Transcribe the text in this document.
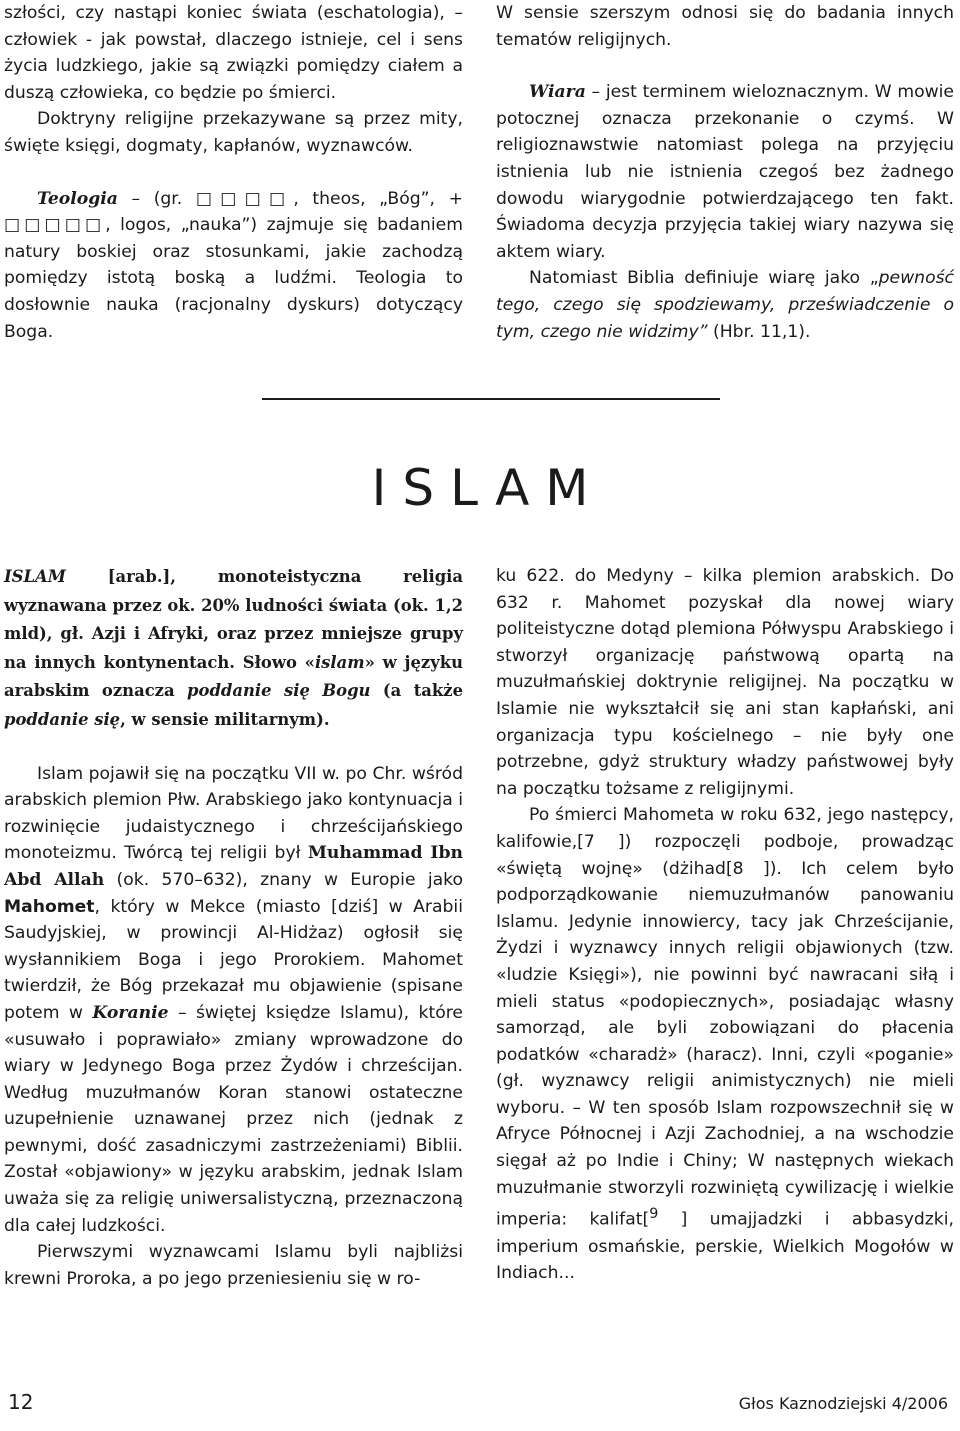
szłości, czy nastąpi koniec świata (eschatologia), – człowiek - jak powstał, dlaczego istnieje, cel i sens życia ludzkiego, jakie są związki pomiędzy ciałem a duszą człowieka, co będzie po śmierci.

Doktryny religijne przekazywane są przez mity, święte księgi, dogmaty, kapłanów, wyznawców.

Teologia – (gr. □□□□, theos, „Bóg”, + □□□□□, logos, „nauka”) zajmuje się badaniem natury boskiej oraz stosunkami, jakie zachodzą pomiędzy istotą boską a ludźmi. Teologia to dosłownie nauka (racjonalny dyskurs) dotyczący Boga.

W sensie szerszym odnosi się do badania innych tematów religijnych.

Wiara – jest terminem wieloznacznym. W mowie potocznej oznacza przekonanie o czymś. W religioznawstwie natomiast polega na przyjęciu istnienia lub nie istnienia czegoś bez żadnego dowodu wiarygodnie potwierdzającego ten fakt. Świadoma decyzja przyjęcia takiej wiary nazywa się aktem wiary.

Natomiast Biblia definiuje wiarę jako „pewność tego, czego się spodziewamy, przeświadczenie o tym, czego nie widzimy” (Hbr. 11,1).

ISLAM

ISLAM [arab.], monoteistyczna religia wyznawana przez ok. 20% ludności świata (ok. 1,2 mld), gł. Azji i Afryki, oraz przez mniejsze grupy na innych kontynentach. Słowo «islam» w języku arabskim oznacza poddanie się Bogu (a także poddanie się, w sensie militarnym).

Islam pojawił się na początku VII w. po Chr. wśród arabskich plemion Płw. Arabskiego jako kontynuacja i rozwinięcie judaistycznego i chrześcijańskiego monoteizmu. Twórcą tej religii był Muhammad Ibn Abd Allah (ok. 570–632), znany w Europie jako Mahomet, który w Mekce (miasto [dziś] w Arabii Saudyjskiej, w prowincji Al-Hidżaz) ogłosił się wysłannikiem Boga i jego Prorokiem. Mahomet twierdził, że Bóg przekazał mu objawienie (spisane potem w Koranie – świętej księdze Islamu), które «usuwało i poprawiało» zmiany wprowadzone do wiary w Jedynego Boga przez Żydów i chrześcijan. Według muzułmanów Koran stanowi ostateczne uzupełnienie uznawanej przez nich (jednak z pewnymi, dość zasadniczymi zastrzeżeniami) Biblii. Został «objawiony» w języku arabskim, jednak Islam uważa się za religię uniwersalistyczną, przeznaczoną dla całej ludzkości.

Pierwszymi wyznawcami Islamu byli najbliżsi krewni Proroka, a po jego przeniesieniu się w ro-

ku 622. do Medyny – kilka plemion arabskich. Do 632 r. Mahomet pozyskał dla nowej wiary politeistyczne dotąd plemiona Półwyspu Arabskiego i stworzył organizację państwową opartą na muzułmańskiej doktrynie religijnej. Na początku w Islamie nie wykształcił się ani stan kapłański, ani organizacja typu kościelnego – nie były one potrzebne, gdyż struktury władzy państwowej były na początku tożsame z religijnymi.

Po śmierci Mahometa w roku 632, jego następcy, kalifowie,[7 ]) rozpoczęli podboje, prowadząc «świętą wojnę» (dżihad[8 ]). Ich celem było podporządkowanie niemuzułmanów panowaniu Islamu. Jedynie innowiercy, tacy jak Chrześcijanie, Żydzi i wyznawcy innych religii objawionych (tzw. «ludzie Księgi»), nie powinni być nawracani siłą i mieli status «podopiecznych», posiadając własny samorząd, ale byli zobowiązani do płacenia podatków «charadż» (haracz). Inni, czyli «poganie» (gł. wyznawcy religii animistycznych) nie mieli wyboru. – W ten sposób Islam rozpowszechnił się w Afryce Północnej i Azji Zachodniej, a na wschodzie sięgał aż po Indie i Chiny; W następnych wiekach muzułmanie stworzyli rozwiniętą cywilizację i wielkie imperia: kalifat[$^9$ ] umajjadzki i abbasydzki, imperium osmańskie, perskie, Wielkich Mogołów w Indiach...

12	Głos Kaznodziejski 4/2006
